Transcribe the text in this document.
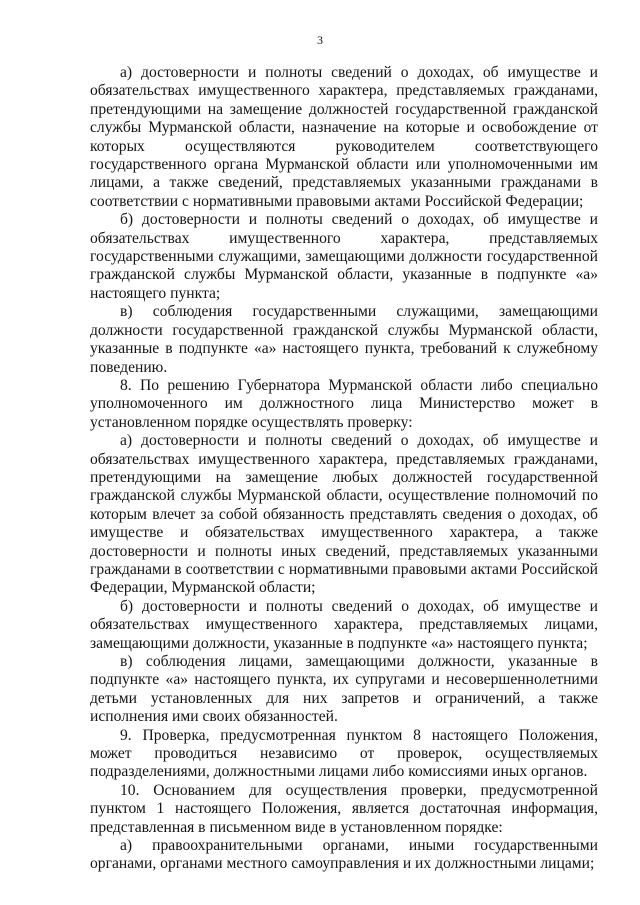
3

а) достоверности и полноты сведений о доходах, об имуществе и обязательствах имущественного характера, представляемых гражданами, претендующими на замещение должностей государственной гражданской службы Мурманской области, назначение на которые и освобождение от которых осуществляются руководителем соответствующего государственного органа Мурманской области или уполномоченными им лицами, а также сведений, представляемых указанными гражданами в соответствии с нормативными правовыми актами Российской Федерации;

б) достоверности и полноты сведений о доходах, об имуществе и обязательствах имущественного характера, представляемых государственными служащими, замещающими должности государственной гражданской службы Мурманской области, указанные в подпункте «а» настоящего пункта;

в) соблюдения государственными служащими, замещающими должности государственной гражданской службы Мурманской области, указанные в подпункте «а» настоящего пункта, требований к служебному поведению.

8. По решению Губернатора Мурманской области либо специально уполномоченного им должностного лица Министерство может в установленном порядке осуществлять проверку:

а) достоверности и полноты сведений о доходах, об имуществе и обязательствах имущественного характера, представляемых гражданами, претендующими на замещение любых должностей государственной гражданской службы Мурманской области, осуществление полномочий по которым влечет за собой обязанность представлять сведения о доходах, об имуществе и обязательствах имущественного характера, а также достоверности и полноты иных сведений, представляемых указанными гражданами в соответствии с нормативными правовыми актами Российской Федерации, Мурманской области;

б) достоверности и полноты сведений о доходах, об имуществе и обязательствах имущественного характера, представляемых лицами, замещающими должности, указанные в подпункте «а» настоящего пункта;

в) соблюдения лицами, замещающими должности, указанные в подпункте «а» настоящего пункта, их супругами и несовершеннолетними детьми установленных для них запретов и ограничений, а также исполнения ими своих обязанностей.

9. Проверка, предусмотренная пунктом 8 настоящего Положения, может проводиться независимо от проверок, осуществляемых подразделениями, должностными лицами либо комиссиями иных органов.

10. Основанием для осуществления проверки, предусмотренной пунктом 1 настоящего Положения, является достаточная информация, представленная в письменном виде в установленном порядке:

а) правоохранительными органами, иными государственными органами, органами местного самоуправления и их должностными лицами;
